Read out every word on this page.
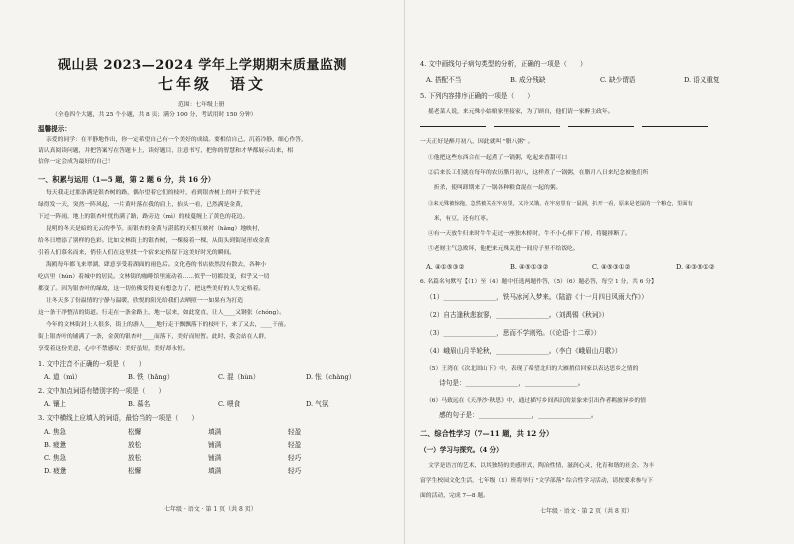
砚山县 2023—2024 学年上学期期末质量监测
七年级　语文
范围：七年级上册
（全卷四个大题，共 25 个小题，共 8 页；满分 100 分，考试用时 150 分钟）
温馨提示：
亲爱的同学：在平静地作出，你一定希望自己有一个美好的成绩。要相信自己，沉着冷静，细心作答，
请认真阅读问题，并把答案写在答题卡上，读好题目，注意书写，把你的智慧和才华都展示出来，相
信你一定会成为最好的自己！
一、积累与运用（1—5 题，第 2 题 6 分，共 16 分）
每天我走过那条满是银杏树的路，偶尔望着它们的枝叶，看到银杏树上的叶子似乎还
绿得发一天，突然一阵风起，一片黄叶落在我的肩上，抬头一看，已然满是金黄，
下过一阵雨，地上的银杏叶忧伤满了路，路旁边（mì）的枝蔓缠上了黄色的花边。
昆明的冬天是暗的无云的季节。而银杏的金黄与湛蓝的天相互映衬（hǎng）地映衬，
给冬日增添了别样的色彩。比如文林街上的银杏树，一棵接着一棵，从街头到街尾形成金黄
引着人们慕名而来，俏佳人们在这里找一个宿来定格留下这美好时光的瞬间。
海鸥每年都飞来翠湖，肆意享受着湖面的雨色后。文化巷的书店依然没有散去，各种小
吃店里（hún）着城中的居民。文林街的咖啡馆里流动着……似乎一切都没变，似乎又一切
都变了。因为银杏叶的缘故，这一切仿佛变得更有想念力了，把这些美好的人生定格着。
让冬天多了份温情的宁静与温暖，欣悦的阳光给我们去晒照一一如果有为打造
这一条干净整洁的街道。行走在一条金路上，地一层来，如此宽直，让人____又钢张（chóng）。
今年的文林街封上人很多，街上的游人____地行走于飘飘落下的枝叶下，来了又去，____干前。
街上银杏叶的铺满了一条，金黄的银杏叶____而落下，美好而短暂。此时，我会站在人群，
享受着这份美意，心中不禁感叹：美好虽短，美好却永恒。
1. 文中注音不正确的一项是（　　）
A. 道（mì）	B. 铁（hǎng）	C. 混（hùn）	D. 怅（chàng）
2. 文中加点词语有错别字的一项是（　　）
A. 镶上	B. 慕名	C. 喂食	D. 气氛
3. 文中横线上应填入的词语，最恰当的一项是（　　）
A. 焦急	松懈	填满	轻盈
B. 疲惫	放松	铺满	轻盈
C. 焦急	放松	铺满	轻巧
D. 疲惫	松懈	填满	轻巧
七年级 · 语文 · 第 1 页（共 8 页）
4. 文中画线句子病句类型的分析，正确的一项是（　　）
A. 搭配不当	B. 成分残缺	C. 缺少谓语	D. 语义重复
5. 下列内容排序正确的一项是（　　）
摇老菜人说，来元殊小姑娘家里接家，为了顾自，他们请一家醉主政年。
一天正好是醉月初八，因此就叫 "腊八粥" 。
①他把这些东西合在一起煮了一锅粥，吃起来香甜可口
②后来长工们就在每年的农历腊月初八，这样煮了一锅粥，在腊月八日来纪念被他们所
　折杀，使叫卸期来了一锅各种粮食混在一起的粥。
③来元殊被惊拖，急然被关在牢房里，又冷又饿，在牢房里有一鼠洞，扒开一看，原来是老鼠的一个粮仓，里面有
　米，有豆，还有红枣。
④有一天放牛归来时牛牛走过一座独木桥时，牛不小心摔下了桥，将腿摔断了。
⑤老财主气急败坏，他把来元殊关进一间房子里不给饭吃。
A. ④①⑤③②	B. ④⑤①③②	C. ④⑤③①②	D. ④③⑤①②
6. 名篇名句默写【（1）至（4）题中任选两题作答，（5）（6）题必答，每空 1 分，共 6 分】
（1）________________，铁马冰河入梦来。（陆游《十一月四日风雨大作》）
（2）自古逢秋悲寂寥，________________。（刘禹锡《秋词》）
（3）________________，思而不学则殆。（《论语·十二章》）
（4）峨眉山月半轮秋，________________。（李白《峨眉山月歌》）
（5）王湾在《次北固山下》中，表现了希望北归的大雁捎信回家以表达思乡之情的
　　诗句是：________________，________________。
（6）马致远在《天净沙·秋思》中，通过描写乡间西沉的景象来引出作者羁旅异乡的情
　　感的句子是：________________，________________。
二、综合性学习（7—11 题，共 12 分）
（一）学习与探究。（4 分）
文学是语言的艺术，以其独特的美感形式，陶冶性情，滋润心灵，化育和谐的社会。为丰
富学生校园文化生活，七年级（1）班将举行 "文学部落" 综合性学习活动，请按要求参与下
面的活动，完成 7—8 题。
七年级 · 语文 · 第 2 页（共 8 页）
